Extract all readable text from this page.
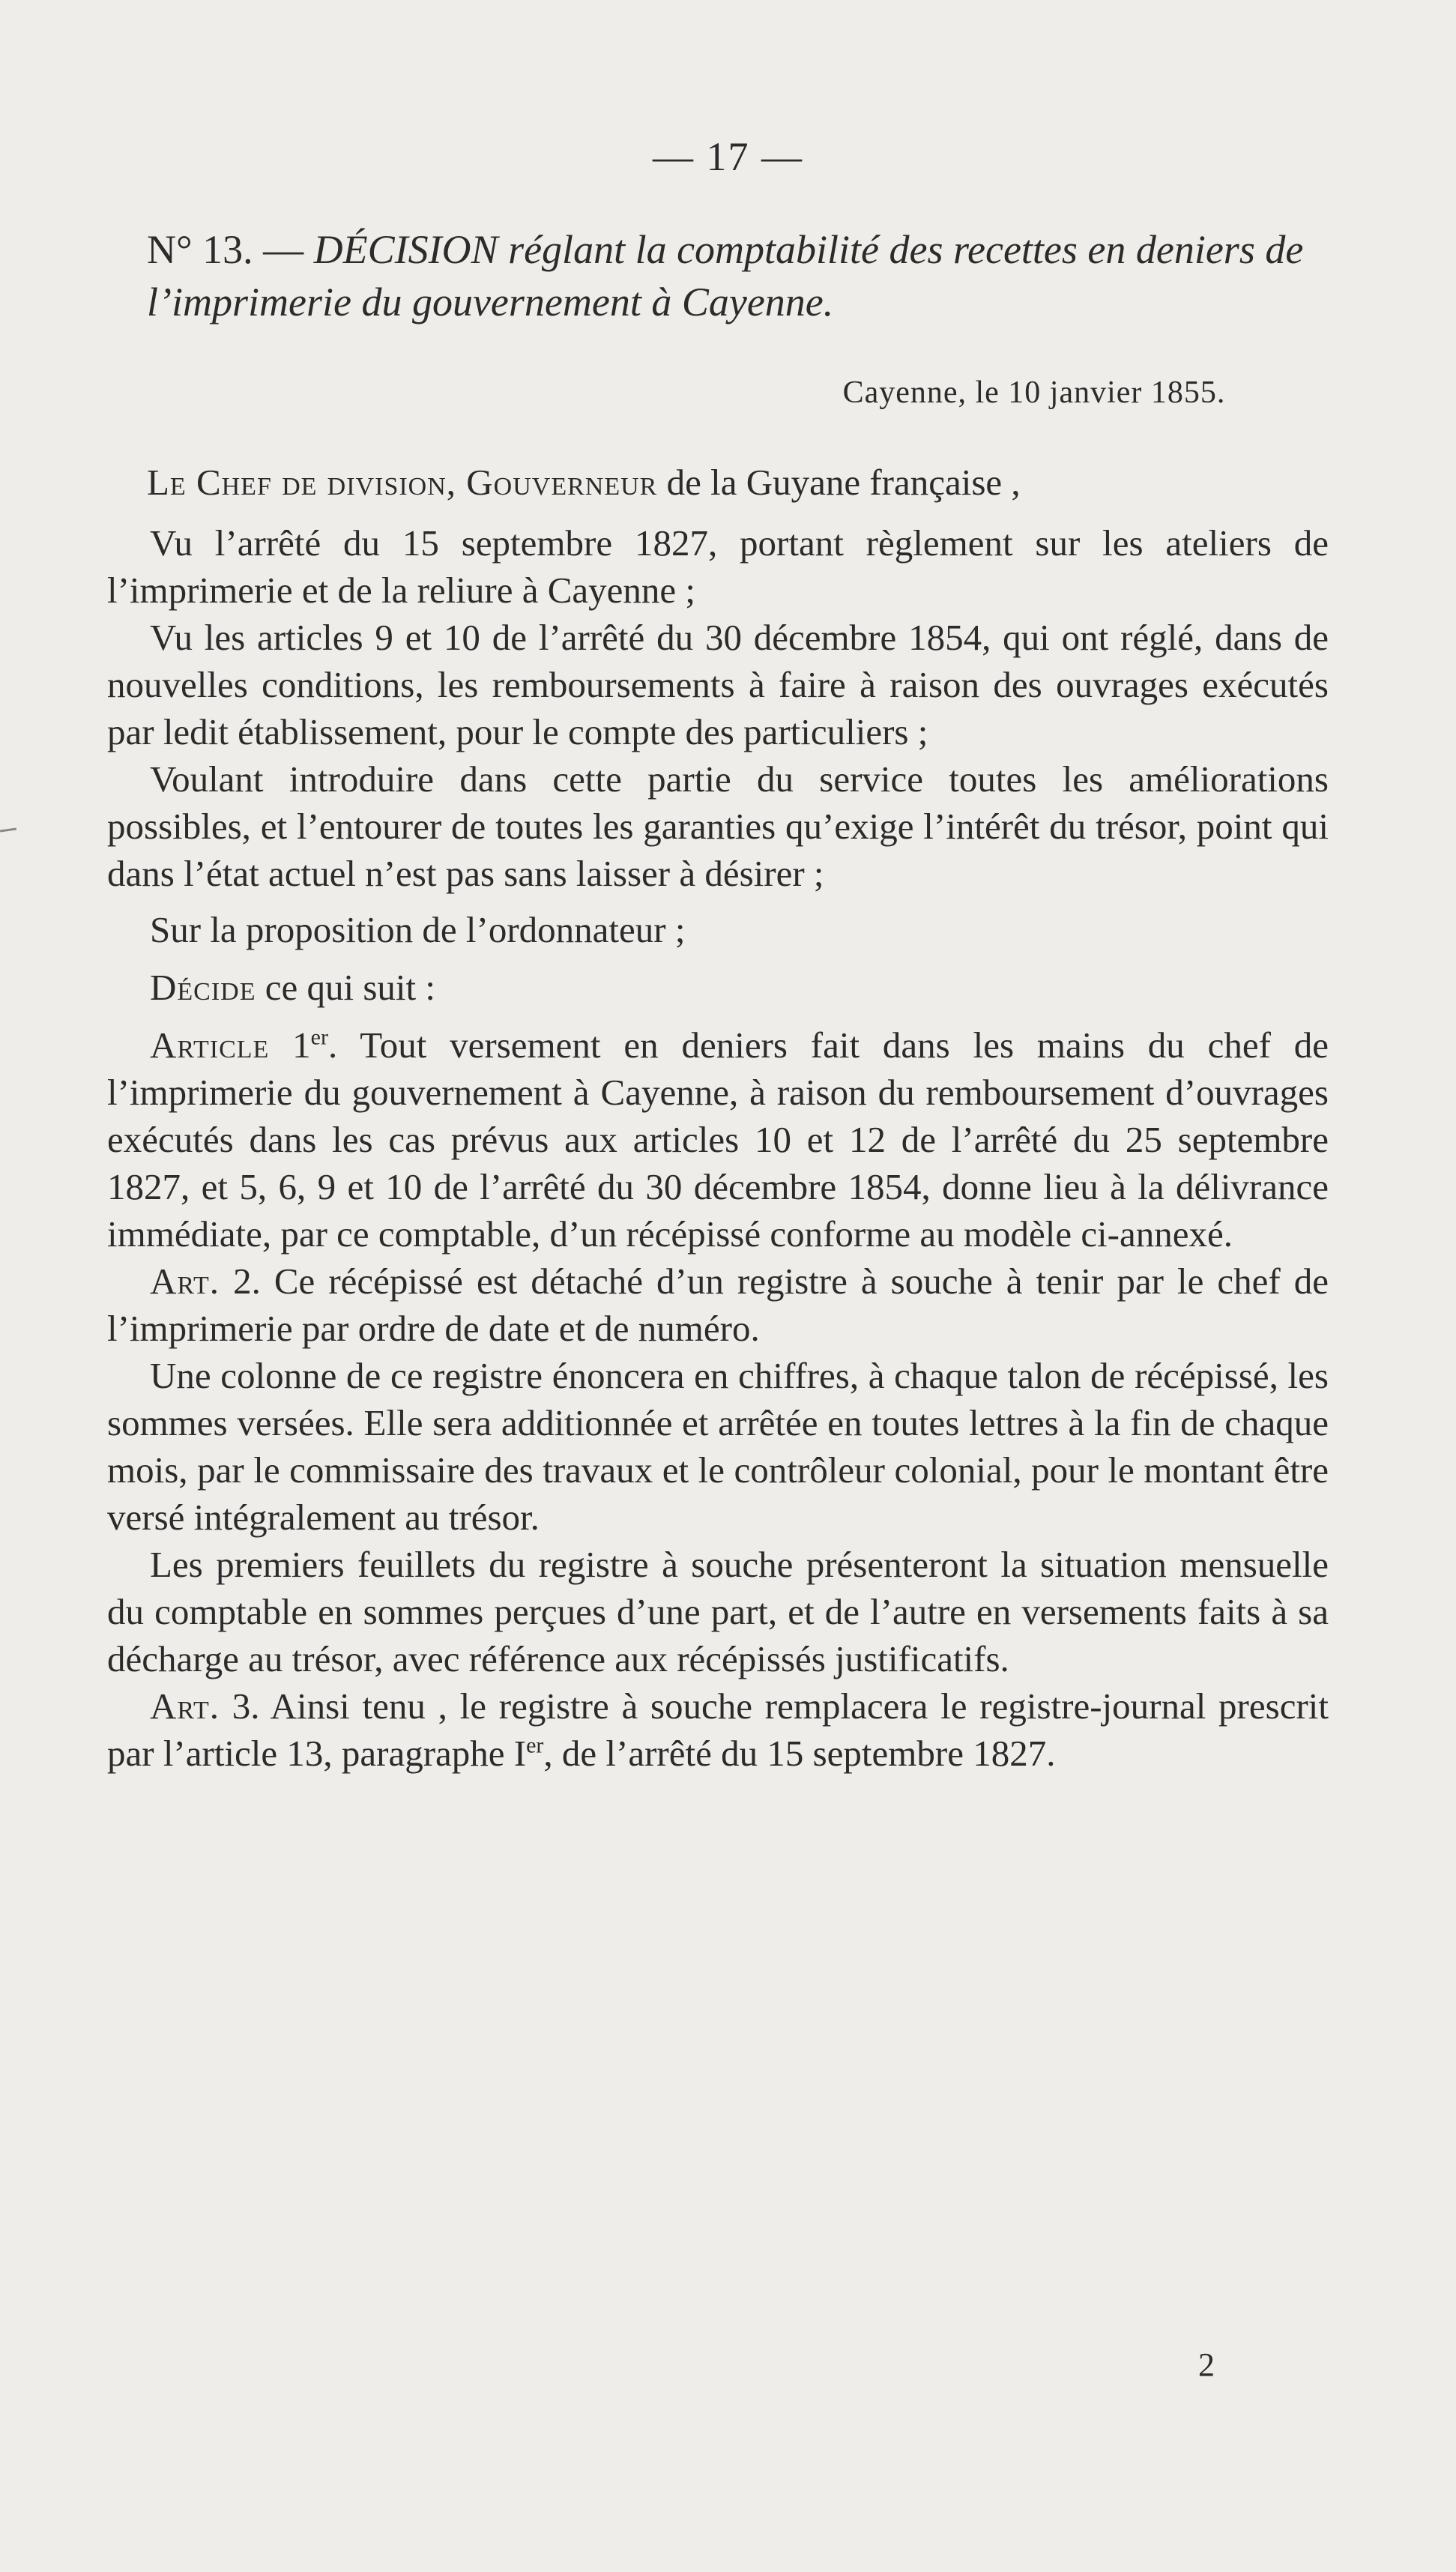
— 17 —
N° 13. — DÉCISION réglant la comptabilité des recettes en deniers de l’imprimerie du gouvernement à Cayenne.
Cayenne, le 10 janvier 1855.

Le Chef de division, Gouverneur de la Guyane française ,

Vu l’arrêté du 15 septembre 1827, portant règlement sur les ateliers de l’imprimerie et de la reliure à Cayenne ;

Vu les articles 9 et 10 de l’arrêté du 30 décembre 1854, qui ont réglé, dans de nouvelles conditions, les remboursements à faire à raison des ouvrages exécutés par ledit établissement, pour le compte des particuliers ;

Voulant introduire dans cette partie du service toutes les améliorations possibles, et l’entourer de toutes les garanties qu’exige l’intérêt du trésor, point qui dans l’état actuel n’est pas sans laisser à désirer ;

Sur la proposition de l’ordonnateur ;

Décide ce qui suit :

Article 1er. Tout versement en deniers fait dans les mains du chef de l’imprimerie du gouvernement à Cayenne, à raison du remboursement d’ouvrages exécutés dans les cas prévus aux articles 10 et 12 de l’arrêté du 25 septembre 1827, et 5, 6, 9 et 10 de l’arrêté du 30 décembre 1854, donne lieu à la délivrance immédiate, par ce comptable, d’un récépissé conforme au modèle ci-annexé.

Art. 2. Ce récépissé est détaché d’un registre à souche à tenir par le chef de l’imprimerie par ordre de date et de numéro.

Une colonne de ce registre énoncera en chiffres, à chaque talon de récépissé, les sommes versées. Elle sera additionnée et arrêtée en toutes lettres à la fin de chaque mois, par le commissaire des travaux et le contrôleur colonial, pour le montant être versé intégralement au trésor.

Les premiers feuillets du registre à souche présenteront la situation mensuelle du comptable en sommes perçues d’une part, et de l’autre en versements faits à sa décharge au trésor, avec référence aux récépissés justificatifs.

Art. 3. Ainsi tenu , le registre à souche remplacera le registre-journal prescrit par l’article 13, paragraphe Ier, de l’arrêté du 15 septembre 1827.

2
